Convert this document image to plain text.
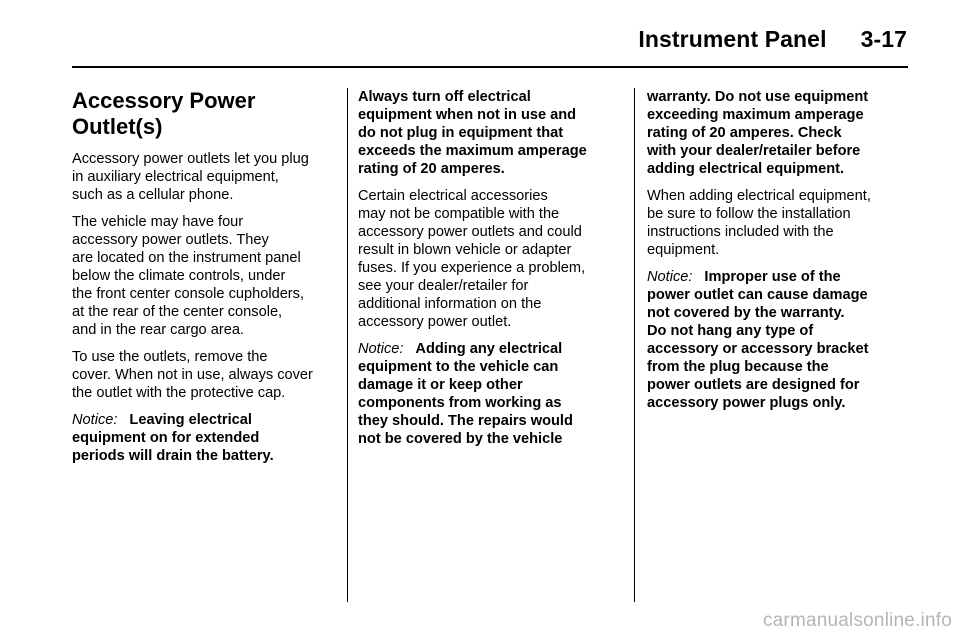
Instrument Panel 3-17
Accessory Power
Outlet(s)

Accessory power outlets let you plug
in auxiliary electrical equipment,
such as a cellular phone.

The vehicle may have four
accessory power outlets. They
are located on the instrument panel
below the climate controls, under
the front center console cupholders,
at the rear of the center console,
and in the rear cargo area.

To use the outlets, remove the
cover. When not in use, always cover
the outlet with the protective cap.

Notice: Leaving electrical
equipment on for extended
periods will drain the battery.

Always turn off electrical
equipment when not in use and
do not plug in equipment that
exceeds the maximum amperage
rating of 20 amperes.

Certain electrical accessories
may not be compatible with the
accessory power outlets and could
result in blown vehicle or adapter
fuses. If you experience a problem,
see your dealer/retailer for
additional information on the
accessory power outlet.

Notice: Adding any electrical
equipment to the vehicle can
damage it or keep other
components from working as
they should. The repairs would
not be covered by the vehicle

warranty. Do not use equipment
exceeding maximum amperage
rating of 20 amperes. Check
with your dealer/retailer before
adding electrical equipment.

When adding electrical equipment,
be sure to follow the installation
instructions included with the
equipment.

Notice: Improper use of the
power outlet can cause damage
not covered by the warranty.
Do not hang any type of
accessory or accessory bracket
from the plug because the
power outlets are designed for
accessory power plugs only.

carmanualsonline.info
